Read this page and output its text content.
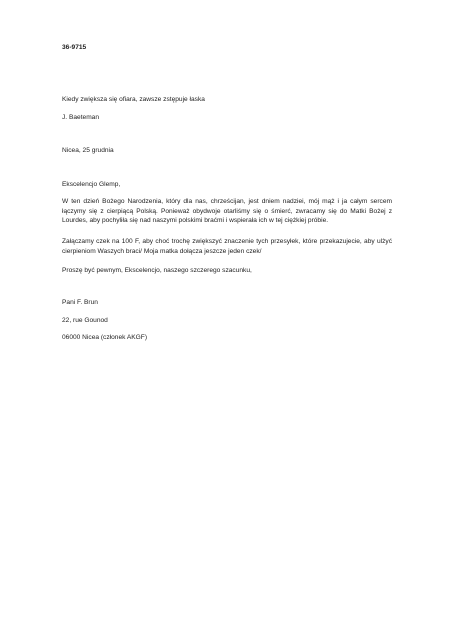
36-9715
Kiedy zwiększa się ofiara, zawsze zstępuje łaska
J. Baeteman
Nicea, 25 grudnia
Ekscelencjo Glemp,
W ten dzień Bożego Narodzenia, który dla nas, chrześcijan, jest dniem nadziei, mój mąż i ja całym sercem łączymy się z cierpiącą Polską. Ponieważ obydwoje otarliśmy się o śmierć, zwracamy się do Matki Bożej z Lourdes, aby pochyliła się nad naszymi polskimi braćmi i wspierała ich w tej ciężkiej próbie.
Załączamy czek na 100 F, aby choć trochę zwiększyć znaczenie tych przesyłek, które przekazujecie, aby ulżyć cierpieniom Waszych braci/ Moja matka dołącza jeszcze jeden czek/
Proszę być pewnym, Ekscelencjo, naszego szczerego szacunku,
Pani F. Brun
22, rue Gounod
06000 Nicea (członek AKGF)
